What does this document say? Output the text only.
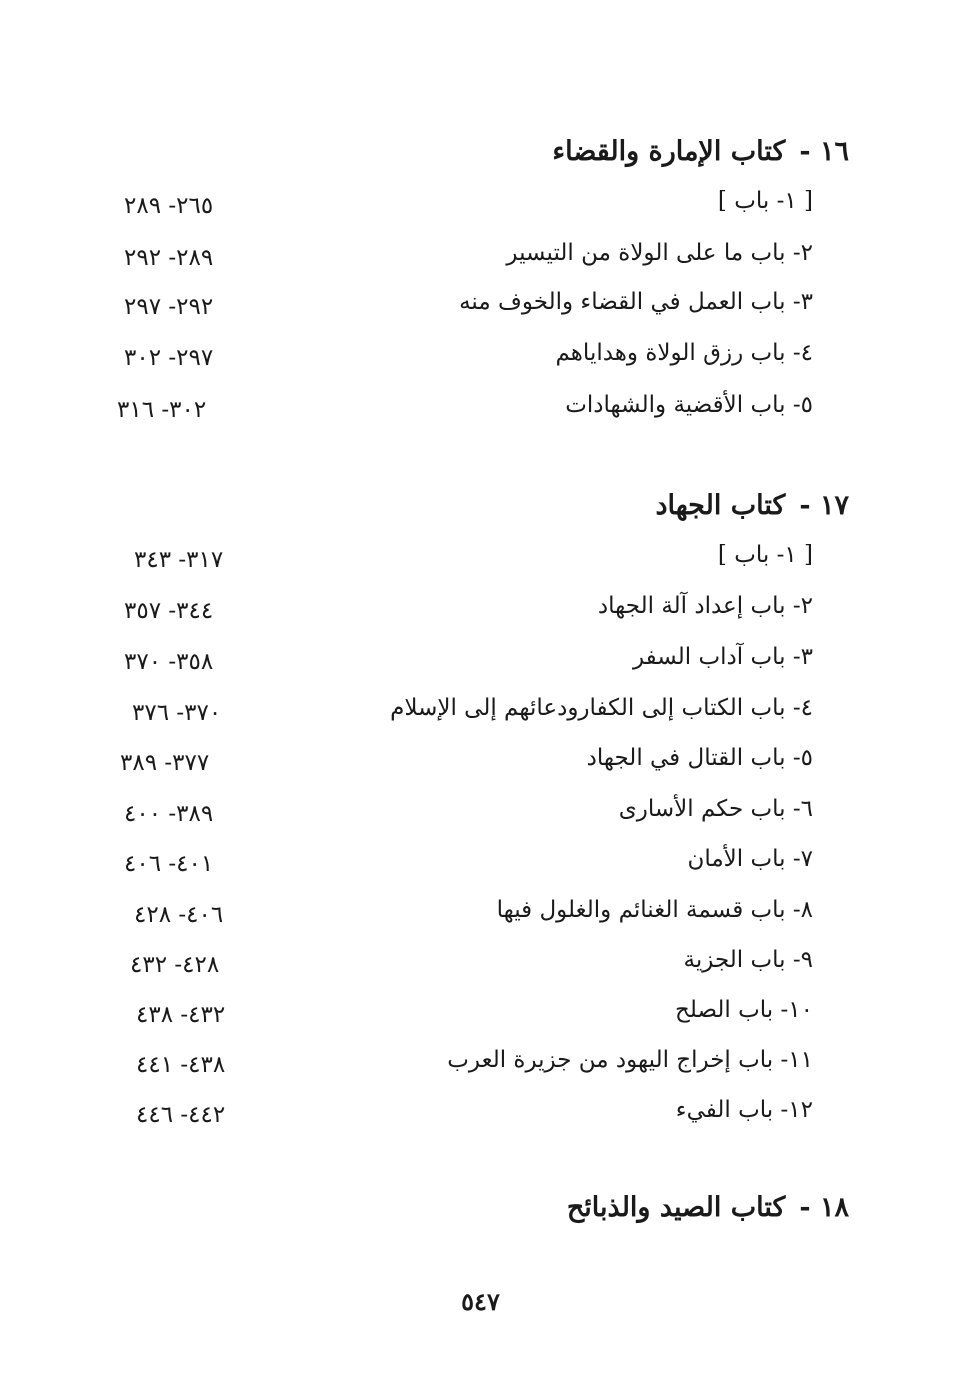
١٦ -كتاب الإمارة والقضاء
[ ١- باب ]
٢٦٥- ٢٨٩
٢- باب ما على الولاة من التيسير
٢٨٩- ٢٩٢
٣- باب العمل في القضاء والخوف منه
٢٩٢- ٢٩٧
٤- باب رزق الولاة وهداياهم
٢٩٧- ٣٠٢
٥- باب الأقضية والشهادات
٣٠٢- ٣١٦
١٧ -كتاب الجهاد
[ ١- باب ]
٣١٧- ٣٤٣
٢- باب إعداد آلة الجهاد
٣٤٤- ٣٥٧
٣- باب آداب السفر
٣٥٨- ٣٧٠
٤- باب الكتاب إلى الكفارودعائهم إلى الإسلام
٣٧٠- ٣٧٦
٥- باب القتال في الجهاد
٣٧٧- ٣٨٩
٦- باب حكم الأسارى
٣٨٩- ٤٠٠
٧- باب الأمان
٤٠١- ٤٠٦
٨- باب قسمة الغنائم والغلول فيها
٤٠٦- ٤٢٨
٩- باب الجزية
٤٢٨- ٤٣٢
١٠- باب الصلح
٤٣٢- ٤٣٨
١١- باب إخراج اليهود من جزيرة العرب
٤٣٨- ٤٤١
١٢- باب الفيء
٤٤٢- ٤٤٦
١٨ -كتاب الصيد والذبائح
٥٤٧
